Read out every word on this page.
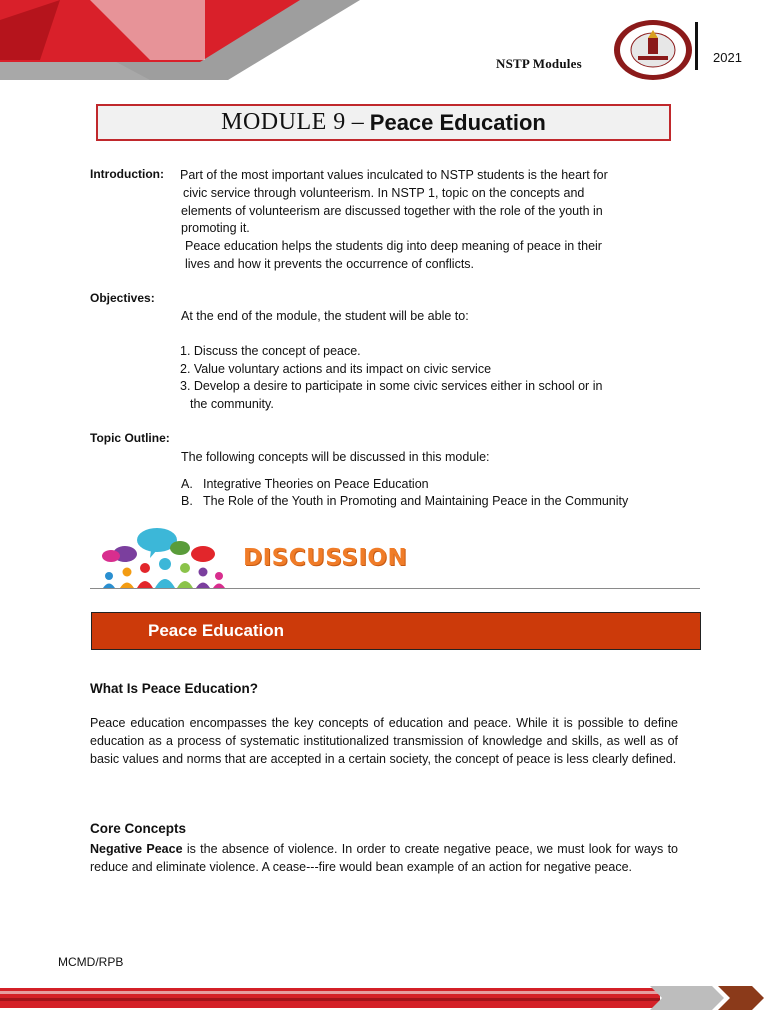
NSTP Modules	2021
MODULE 9 – Peace Education
Introduction: Part of the most important values inculcated to NSTP students is the heart for
civic service through volunteerism. In NSTP 1, topic on the concepts and
elements of volunteerism are discussed together with the role of the youth in
promoting it.
Peace education helps the students dig into deep meaning of peace in their
lives and how it prevents the occurrence of conflicts.
Objectives:
At the end of the module, the student will be able to:
1. Discuss the concept of peace.
2. Value voluntary actions and its impact on civic service
3. Develop a desire to participate in some civic services either in school or in
the community.
Topic Outline:
The following concepts will be discussed in this module:
A. Integrative Theories on Peace Education
B. The Role of the Youth in Promoting and Maintaining Peace in the Community
DISCUSSION
Peace Education
What Is Peace Education?
Peace education encompasses the key concepts of education and peace. While it is possible to define education as a process of systematic institutionalized transmission of knowledge and skills, as well as of basic values and norms that are accepted in a certain society, the concept of peace is less clearly defined.
Core Concepts
Negative Peace is the absence of violence. In order to create negative peace, we must look for ways to reduce and eliminate violence. A cease---fire would bean example of an action for negative peace.
MCMD/RPB
